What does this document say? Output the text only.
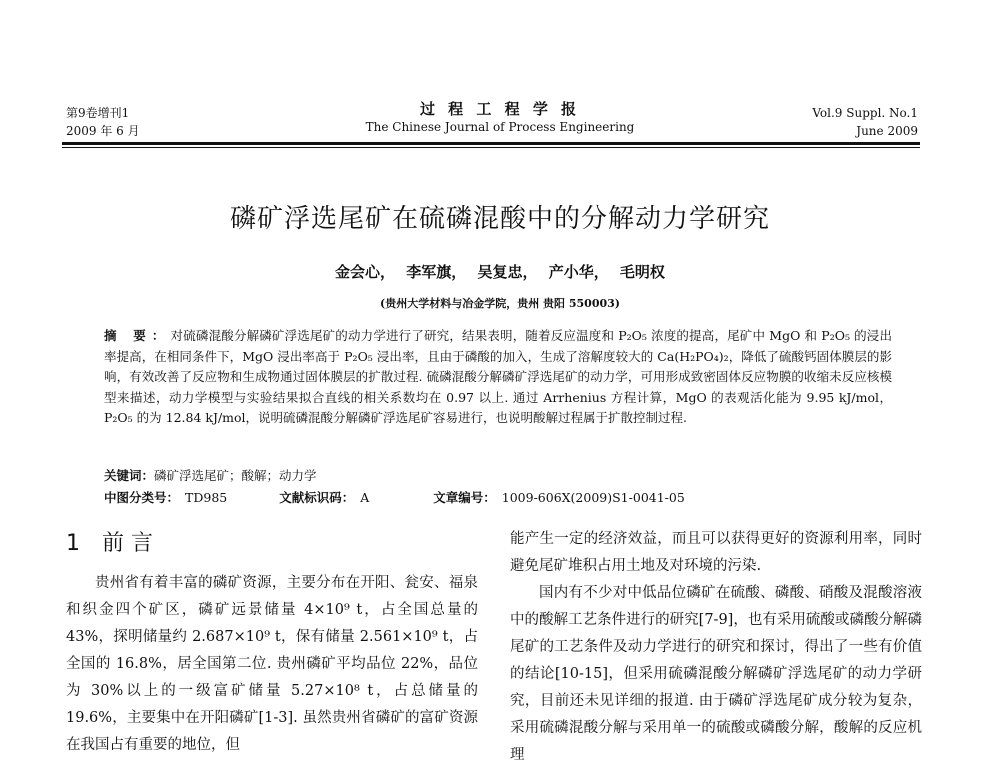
第9卷增刊1
2009 年 6 月
过 程 工 程 学 报
The Chinese Journal of Process Engineering
Vol.9 Suppl. No.1
June 2009
磷矿浮选尾矿在硫磷混酸中的分解动力学研究
金会心， 李军旗， 吴复忠， 产小华， 毛明权
(贵州大学材料与冶金学院，贵州 贵阳 550003)
摘 要：对硫磷混酸分解磷矿浮选尾矿的动力学进行了研究，结果表明，随着反应温度和 P₂O₅ 浓度的提高，尾矿中 MgO 和 P₂O₅ 的浸出率提高，在相同条件下，MgO 浸出率高于 P₂O₅ 浸出率，且由于磷酸的加入，生成了溶解度较大的 Ca(H₂PO₄)₂，降低了硫酸钙固体膜层的影响，有效改善了反应物和生成物通过固体膜层的扩散过程. 硫磷混酸分解磷矿浮选尾矿的动力学，可用形成致密固体反应物膜的收缩未反应核模型来描述，动力学模型与实验结果拟合直线的相关系数均在 0.97 以上. 通过 Arrhenius 方程计算，MgO 的表观活化能为 9.95 kJ/mol，P₂O₅ 的为 12.84 kJ/mol，说明硫磷混酸分解磷矿浮选尾矿容易进行，也说明酸解过程属于扩散控制过程.
关键词：磷矿浮选尾矿；酸解；动力学
中图分类号： TD985	文献标识码： A	文章编号： 1009-606X(2009)S1-0041-05
1 前 言

贵州省有着丰富的磷矿资源，主要分布在开阳、瓮安、福泉和织金四个矿区，磷矿远景储量 4×10⁹ t，占全国总量的 43%，探明储量约 2.687×10⁹ t，保有储量 2.561×10⁹ t，占全国的 16.8%，居全国第二位. 贵州磷矿平均品位 22%，品位为 30%以上的一级富矿储量 5.27×10⁸ t，占总储量的 19.6%，主要集中在开阳磷矿[1-3]. 虽然贵州省磷矿的富矿资源在我国占有重要的地位，但

能产生一定的经济效益，而且可以获得更好的资源利用率，同时避免尾矿堆积占用土地及对环境的污染.

国内有不少对中低品位磷矿在硫酸、磷酸、硝酸及混酸溶液中的酸解工艺条件进行的研究[7-9]，也有采用硫酸或磷酸分解磷尾矿的工艺条件及动力学进行的研究和探讨，得出了一些有价值的结论[10-15]，但采用硫磷混酸分解磷矿浮选尾矿的动力学研究，目前还未见详细的报道. 由于磷矿浮选尾矿成分较为复杂，采用硫磷混酸分解与采用单一的硫酸或磷酸分解，酸解的反应机理
